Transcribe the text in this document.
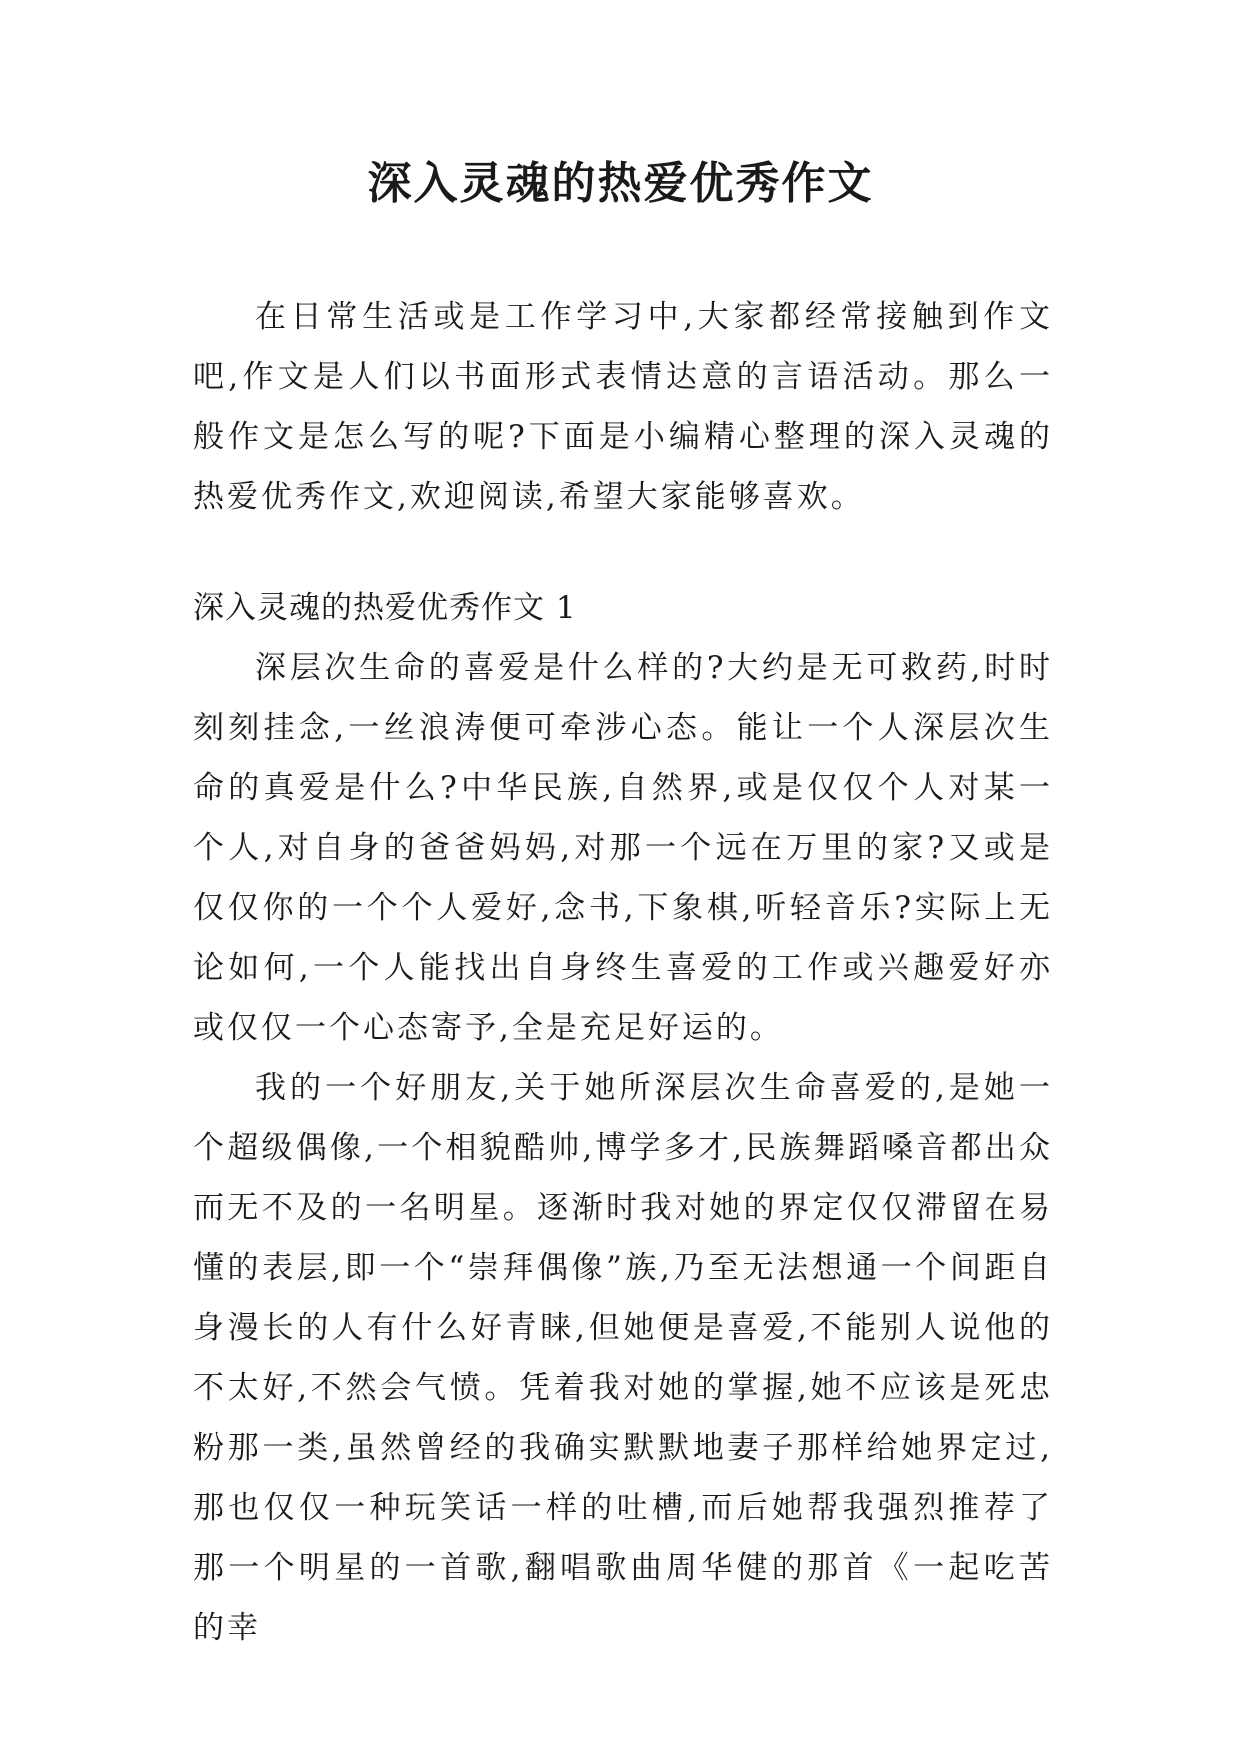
深入灵魂的热爱优秀作文

在日常生活或是工作学习中,大家都经常接触到作文吧,作文是人们以书面形式表情达意的言语活动。那么一般作文是怎么写的呢?下面是小编精心整理的深入灵魂的热爱优秀作文,欢迎阅读,希望大家能够喜欢。

深入灵魂的热爱优秀作文 1

深层次生命的喜爱是什么样的?大约是无可救药,时时刻刻挂念,一丝浪涛便可牵涉心态。能让一个人深层次生命的真爱是什么?中华民族,自然界,或是仅仅个人对某一个人,对自身的爸爸妈妈,对那一个远在万里的家?又或是仅仅你的一个个人爱好,念书,下象棋,听轻音乐?实际上无论如何,一个人能找出自身终生喜爱的工作或兴趣爱好亦或仅仅一个心态寄予,全是充足好运的。

我的一个好朋友,关于她所深层次生命喜爱的,是她一个超级偶像,一个相貌酷帅,博学多才,民族舞蹈嗓音都出众而无不及的一名明星。逐渐时我对她的界定仅仅滞留在易懂的表层,即一个“崇拜偶像”族,乃至无法想通一个间距自身漫长的人有什么好青睐,但她便是喜爱,不能别人说他的不太好,不然会气愤。凭着我对她的掌握,她不应该是死忠粉那一类,虽然曾经的我确实默默地妻子那样给她界定过,那也仅仅一种玩笑话一样的吐槽,而后她帮我强烈推荐了那一个明星的一首歌,翻唱歌曲周华健的那首《一起吃苦的幸
